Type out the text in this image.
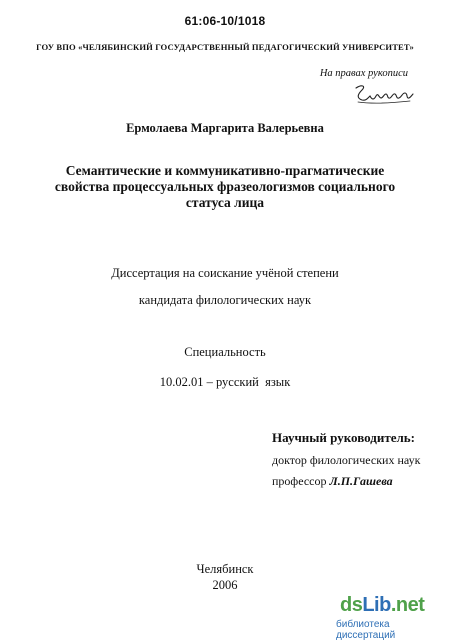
61:06-10/1018
ГОУ ВПО «ЧЕЛЯБИНСКИЙ ГОСУДАРСТВЕННЫЙ ПЕДАГОГИЧЕСКИЙ УНИВЕРСИТЕТ»
На правах рукописи
Ермолаева Маргарита Валерьевна
Семантические и коммуникативно-прагматические
свойства процессуальных фразеологизмов социального
статуса лица
Диссертация на соискание учёной степени
кандидата филологических наук
Специальность
10.02.01 – русский  язык
Научный руководитель:
доктор филологических наук
профессор Л.П.Гашева
Челябинск
2006
dsLib.net
библиотека диссертаций
